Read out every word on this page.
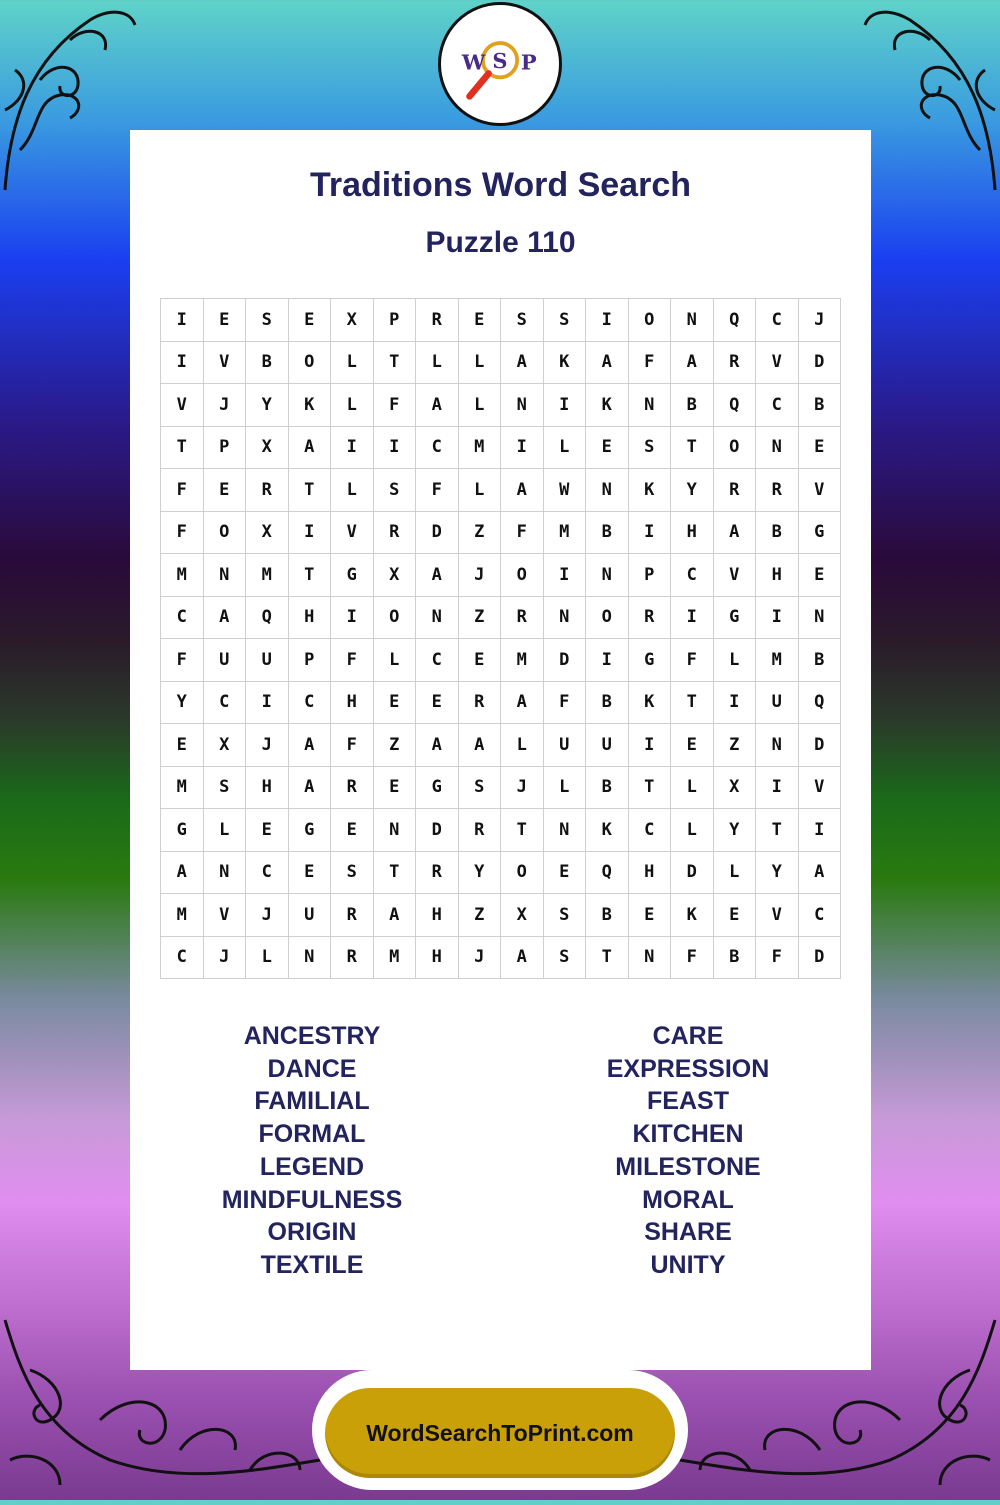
W S P
Traditions Word Search
Puzzle 110
I	E	S	E	X	P	R	E	S	S	I	O	N	Q	C	J
I	V	B	O	L	T	L	L	A	K	A	F	A	R	V	D
V	J	Y	K	L	F	A	L	N	I	K	N	B	Q	C	B
T	P	X	A	I	I	C	M	I	L	E	S	T	O	N	E
F	E	R	T	L	S	F	L	A	W	N	K	Y	R	R	V
F	O	X	I	V	R	D	Z	F	M	B	I	H	A	B	G
M	N	M	T	G	X	A	J	O	I	N	P	C	V	H	E
C	A	Q	H	I	O	N	Z	R	N	O	R	I	G	I	N
F	U	U	P	F	L	C	E	M	D	I	G	F	L	M	B
Y	C	I	C	H	E	E	R	A	F	B	K	T	I	U	Q
E	X	J	A	F	Z	A	A	L	U	U	I	E	Z	N	D
M	S	H	A	R	E	G	S	J	L	B	T	L	X	I	V
G	L	E	G	E	N	D	R	T	N	K	C	L	Y	T	I
A	N	C	E	S	T	R	Y	O	E	Q	H	D	L	Y	A
M	V	J	U	R	A	H	Z	X	S	B	E	K	E	V	C
C	J	L	N	R	M	H	J	A	S	T	N	F	B	F	D
ANCESTRY
DANCE
FAMILIAL
FORMAL
LEGEND
MINDFULNESS
ORIGIN
TEXTILE
CARE
EXPRESSION
FEAST
KITCHEN
MILESTONE
MORAL
SHARE
UNITY
WordSearchToPrint.com
